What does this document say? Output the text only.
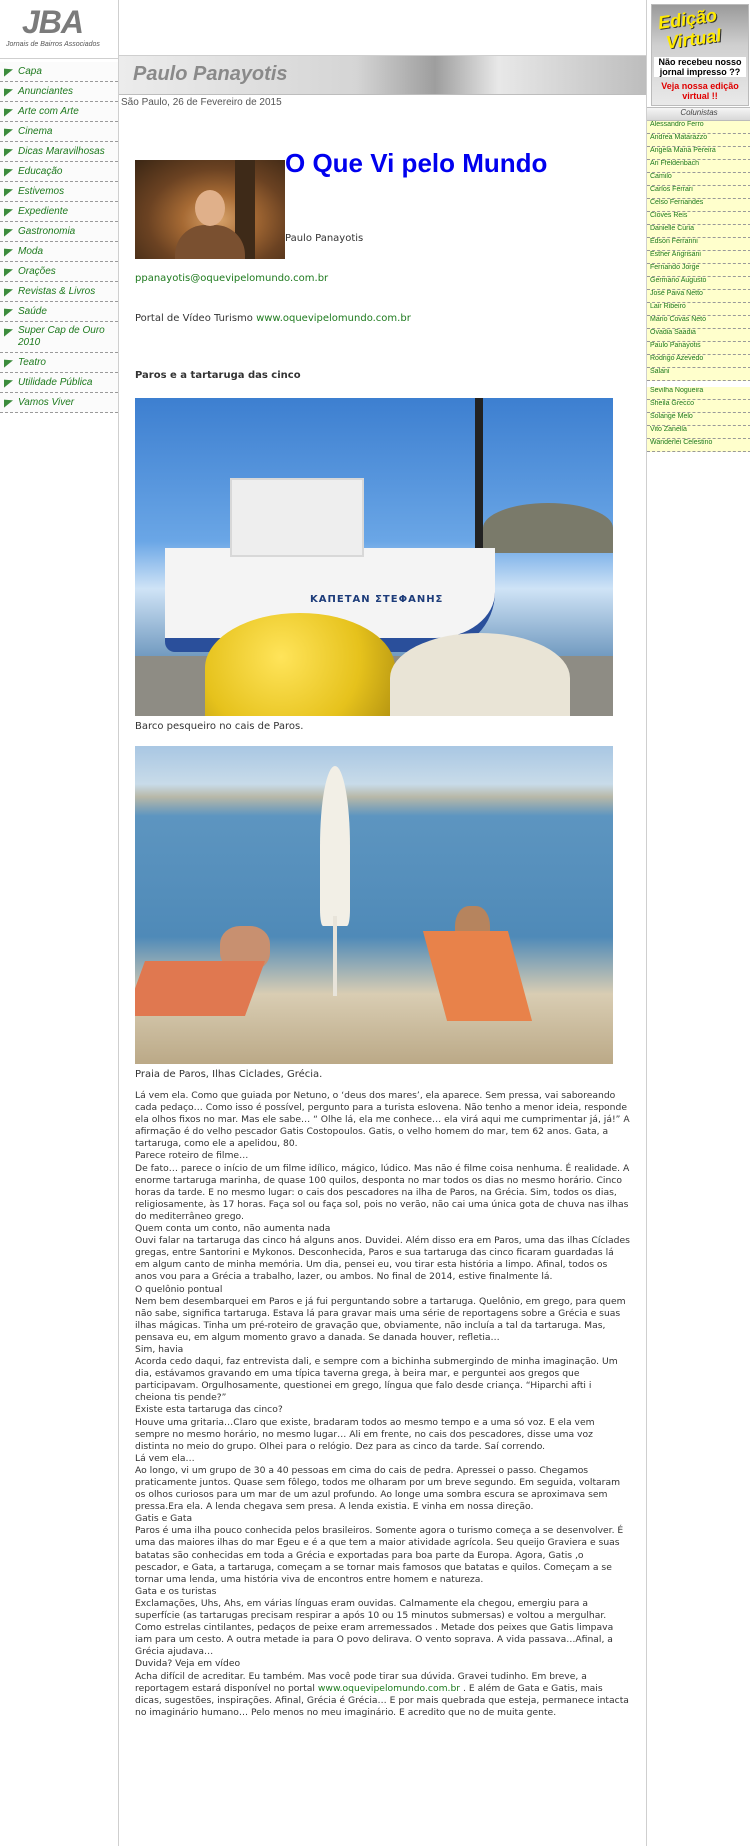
JBA
Jornais de Bairros Associados
Capa
Anunciantes
Arte com Arte
Cinema
Dicas Maravilhosas
Educação
Estivemos
Expediente
Gastronomia
Moda
Orações
Revistas & Livros
Saúde
Super Cap de Ouro 2010
Teatro
Utilidade Pública
Vamos Viver
Paulo Panayotis
São Paulo, 26 de Fevereiro de 2015
O Que Vi pelo Mundo
Paulo Panayotis
ppanayotis@oquevipelomundo.com.br
Portal de Vídeo Turismo www.oquevipelomundo.com.br
Paros e a tartaruga das cinco
ΚΑΠΕΤΑΝ ΣΤΕΦΑΝΗΣ
Barco pesqueiro no cais de Paros.
Praia de Paros, Ilhas Ciclades, Grécia.

Lá vem ela. Como que guiada por Netuno, o ‘deus dos mares’, ela aparece. Sem pressa, vai saboreando cada pedaço… Como isso é possível, pergunto para a turista eslovena. Não tenho a menor ideia, responde ela olhos fixos no mar. Mas ele sabe… “ Olhe lá, ela me conhece… ela virá aqui me cumprimentar já, já!” A afirmação é do velho pescador Gatis Costopoulos. Gatis, o velho homem do mar, tem 62 anos. Gata, a tartaruga, como ele a apelidou, 80.

Parece roteiro de filme…

De fato… parece o início de um filme idílico, mágico, lúdico. Mas não é filme coisa nenhuma. É realidade. A enorme tartaruga marinha, de quase 100 quilos, desponta no mar todos os dias no mesmo horário. Cinco horas da tarde. E no mesmo lugar: o cais dos pescadores na ilha de Paros, na Grécia. Sim, todos os dias, religiosamente, às 17 horas. Faça sol ou faça sol, pois no verão, não cai uma única gota de chuva nas ilhas do mediterrâneo grego.

Quem conta um conto, não aumenta nada

Ouvi falar na tartaruga das cinco há alguns anos. Duvidei. Além disso era em Paros, uma das ilhas Cíclades gregas, entre Santorini e Mykonos. Desconhecida, Paros e sua tartaruga das cinco ficaram guardadas lá em algum canto de minha memória. Um dia, pensei eu, vou tirar esta história a limpo. Afinal, todos os anos vou para a Grécia a trabalho, lazer, ou ambos. No final de 2014, estive finalmente lá.

O quelônio pontual

Nem bem desembarquei em Paros e já fui perguntando sobre a tartaruga. Quelônio, em grego, para quem não sabe, significa tartaruga. Estava lá para gravar mais uma série de reportagens sobre a Grécia e suas ilhas mágicas. Tinha um pré-roteiro de gravação que, obviamente, não incluía a tal da tartaruga. Mas, pensava eu, em algum momento gravo a danada. Se danada houver, refletia…

Sim, havia

Acorda cedo daqui, faz entrevista dali, e sempre com a bichinha submergindo de minha imaginação. Um dia, estávamos gravando em uma típica taverna grega, à beira mar, e perguntei aos gregos que participavam. Orgulhosamente, questionei em grego, língua que falo desde criança. “Hiparchi afti i cheiona tis pende?”

Existe esta tartaruga das cinco?

Houve uma gritaria…Claro que existe, bradaram todos ao mesmo tempo e a uma só voz. E ela vem sempre no mesmo horário, no mesmo lugar… Ali em frente, no cais dos pescadores, disse uma voz distinta no meio do grupo. Olhei para o relógio. Dez para as cinco da tarde. Saí correndo.

Lá vem ela…

Ao longo, vi um grupo de 30 a 40 pessoas em cima do cais de pedra. Apressei o passo. Chegamos praticamente juntos. Quase sem fôlego, todos me olharam por um breve segundo. Em seguida, voltaram os olhos curiosos para um mar de um azul profundo. Ao longe uma sombra escura se aproximava sem pressa.Era ela. A lenda chegava sem presa. A lenda existia. E vinha em nossa direção.

Gatis e Gata

Paros é uma ilha pouco conhecida pelos brasileiros. Somente agora o turismo começa a se desenvolver. É uma das maiores ilhas do mar Egeu e é a que tem a maior atividade agrícola. Seu queijo Graviera e suas batatas são conhecidas em toda a Grécia e exportadas para boa parte da Europa. Agora, Gatis ,o pescador, e Gata, a tartaruga, começam a se tornar mais famosos que batatas e quilos. Começam a se tornar uma lenda, uma história viva de encontros entre homem e natureza.

Gata e os turistas

Exclamações, Uhs, Ahs, em várias línguas eram ouvidas. Calmamente ela chegou, emergiu para a superfície (as tartarugas precisam respirar a após 10 ou 15 minutos submersas) e voltou a mergulhar. Como estrelas cintilantes, pedaços de peixe eram arremessados . Metade dos peixes que Gatis limpava iam para um cesto. A outra metade ia para O povo delirava. O vento soprava. A vida passava…Afinal, a Grécia ajudava…

Duvida? Veja em vídeo

Acha difícil de acreditar. Eu também. Mas você pode tirar sua dúvida. Gravei tudinho. Em breve, a reportagem estará disponível no portal www.oquevipelomundo.com.br . E além de Gata e Gatis, mais dicas, sugestões, inspirações. Afinal, Grécia é Grécia… E por mais quebrada que esteja, permanece intacta no imaginário humano… Pelo menos no meu imaginário. E acredito que no de muita gente.

Edição
Virtual
Não recebeu nosso jornal impresso ??
Veja nossa edição virtual !!
Colunistas
Alessandro Ferro
Andrea Matarazzo
Angela Maria Pereira
Ari Ffeldenbach
Camilo
Carlos Ferrari
Celso Fernandes
Cloves Reis
Danielle Curia
Edson Ferrarini
Esther Angrisani
Fernando Jorge
Germano Augusto
José Paiva Netto
Lair Ribeiro
Mario Covas Neto
Ovadia Saadia
Paulo Panayotis
Rodrigo Azevedo
Salani
Sevilha Nogueira
Sheila Grecco
Solange Melo
Vito Zanella
Wanderlei Celestino
